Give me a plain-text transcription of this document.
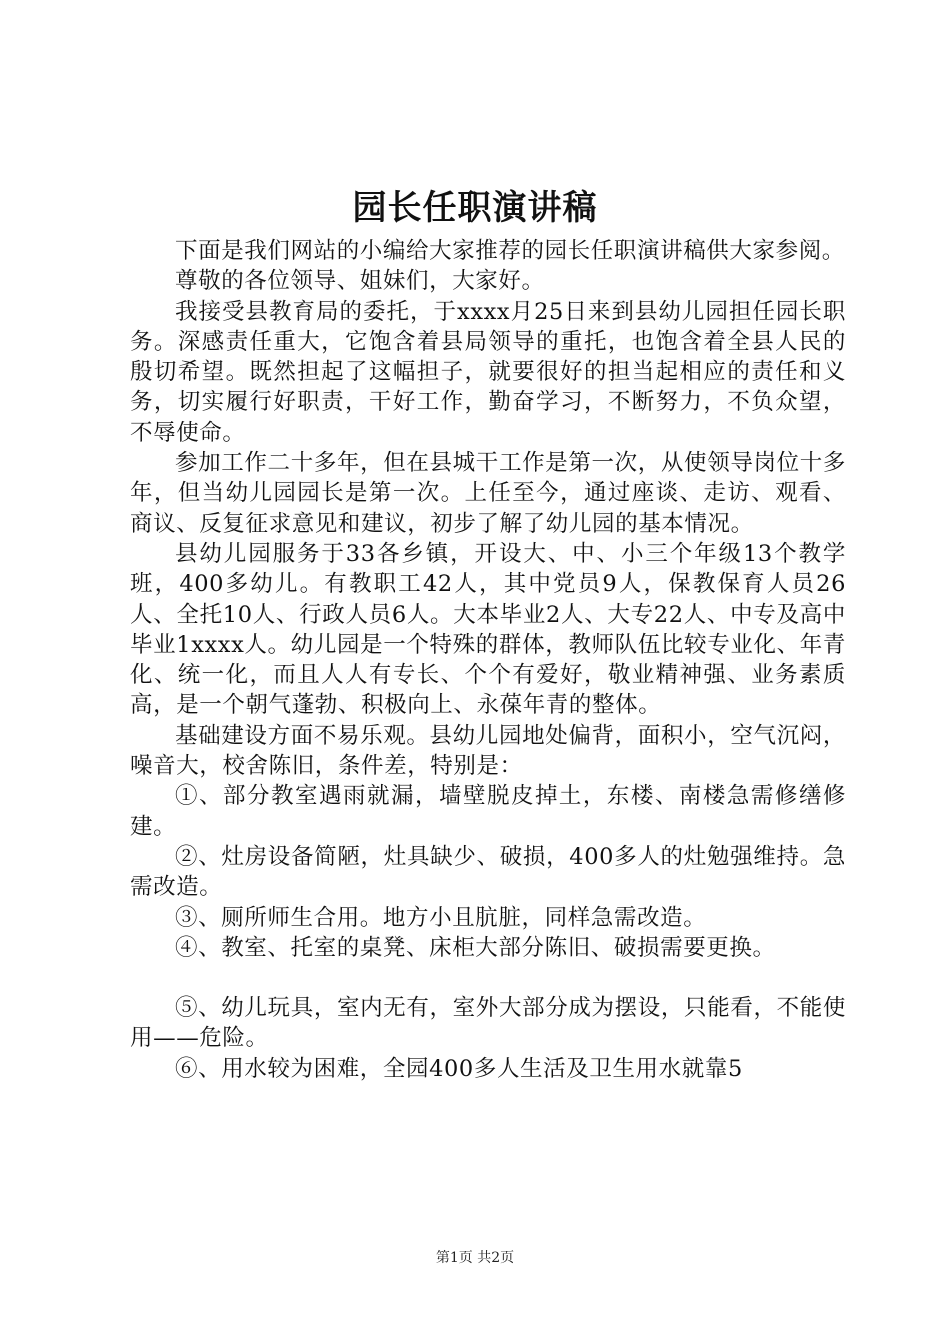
园长任职演讲稿

下面是我们网站的小编给大家推荐的园长任职演讲稿供大家参阅。

尊敬的各位领导、姐妹们，大家好。

我接受县教育局的委托，于xxxx月25日来到县幼儿园担任园长职务。深感责任重大，它饱含着县局领导的重托，也饱含着全县人民的殷切希望。既然担起了这幅担子，就要很好的担当起相应的责任和义务，切实履行好职责，干好工作，勤奋学习，不断努力，不负众望，不辱使命。

参加工作二十多年，但在县城干工作是第一次，从使领导岗位十多年，但当幼儿园园长是第一次。上任至今，通过座谈、走访、观看、商议、反复征求意见和建议，初步了解了幼儿园的基本情况。

县幼儿园服务于33各乡镇，开设大、中、小三个年级13个教学班，400多幼儿。有教职工42人，其中党员9人，保教保育人员26人、全托10人、行政人员6人。大本毕业2人、大专22人、中专及高中毕业1xxxx人。幼儿园是一个特殊的群体，教师队伍比较专业化、年青化、统一化，而且人人有专长、个个有爱好，敬业精神强、业务素质高，是一个朝气蓬勃、积极向上、永葆年青的整体。

基础建设方面不易乐观。县幼儿园地处偏背，面积小，空气沉闷，噪音大，校舍陈旧，条件差，特别是：

①、部分教室遇雨就漏，墙壁脱皮掉土，东楼、南楼急需修缮修建。

②、灶房设备简陋，灶具缺少、破损，400多人的灶勉强维持。急需改造。

③、厕所师生合用。地方小且肮脏，同样急需改造。

④、教室、托室的桌凳、床柜大部分陈旧、破损需要更换。

⑤、幼儿玩具，室内无有，室外大部分成为摆设，只能看，不能使用——危险。

⑥、用水较为困难，全园400多人生活及卫生用水就靠5

第1页 共2页
